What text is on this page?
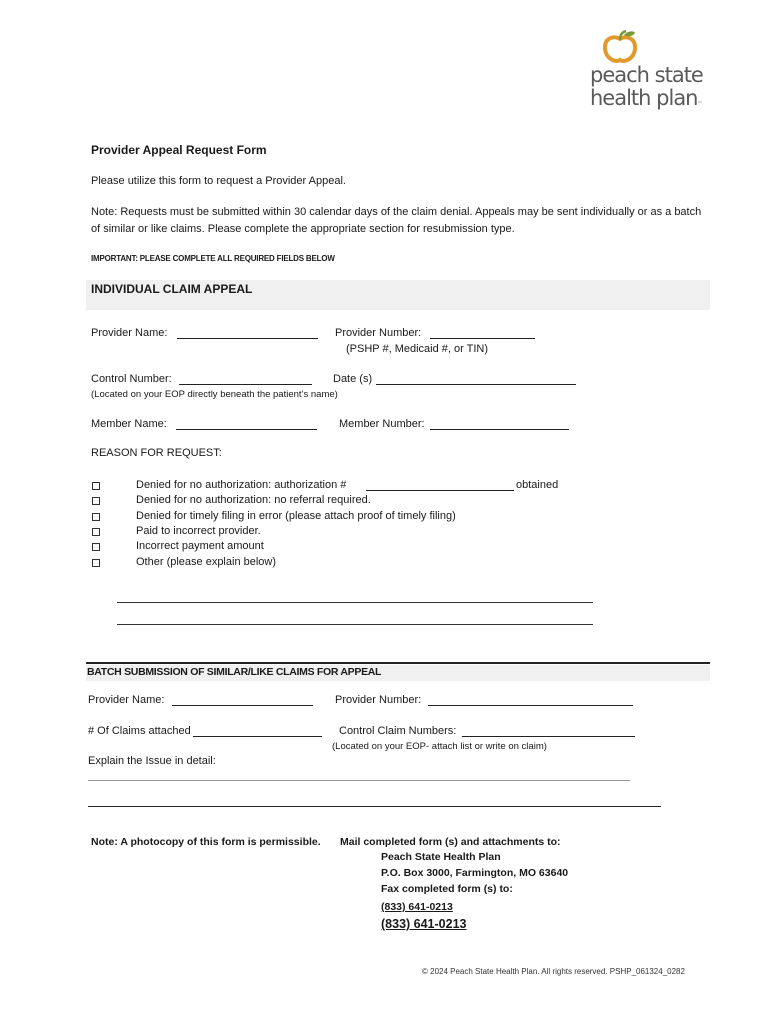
peach state
health plan™
Provider Appeal Request Form
Please utilize this form to request a Provider Appeal.
Note: Requests must be submitted within 30 calendar days of the claim denial. Appeals may be sent individually or as a batch of similar or like claims. Please complete the appropriate section for resubmission type.
IMPORTANT: PLEASE COMPLETE ALL REQUIRED FIELDS BELOW
INDIVIDUAL CLAIM APPEAL
Provider Name:	Provider Number:
(PSHP #, Medicaid #, or TIN)
Control Number:	Date (s)
(Located on your EOP directly beneath the patient’s name)
Member Name:	Member Number:
REASON FOR REQUEST:
Denied for no authorization: authorization #	obtained
Denied for no authorization: no referral required.
Denied for timely filing in error (please attach proof of timely filing)
Paid to incorrect provider.
Incorrect payment amount
Other (please explain below)
BATCH SUBMISSION OF SIMILAR/LIKE CLAIMS FOR APPEAL
Provider Name:	Provider Number:
# Of Claims attached	Control Claim Numbers:
(Located on your EOP- attach list or write on claim)
Explain the Issue in detail:
Note: A photocopy of this form is permissible. Mail completed form (s) and attachments to:
Peach State Health Plan
P.O. Box 3000, Farmington, MO 63640
Fax completed form (s) to:
(833) 641-0213
(833) 641-0213
© 2024 Peach State Health Plan. All rights reserved. PSHP_061324_0282
